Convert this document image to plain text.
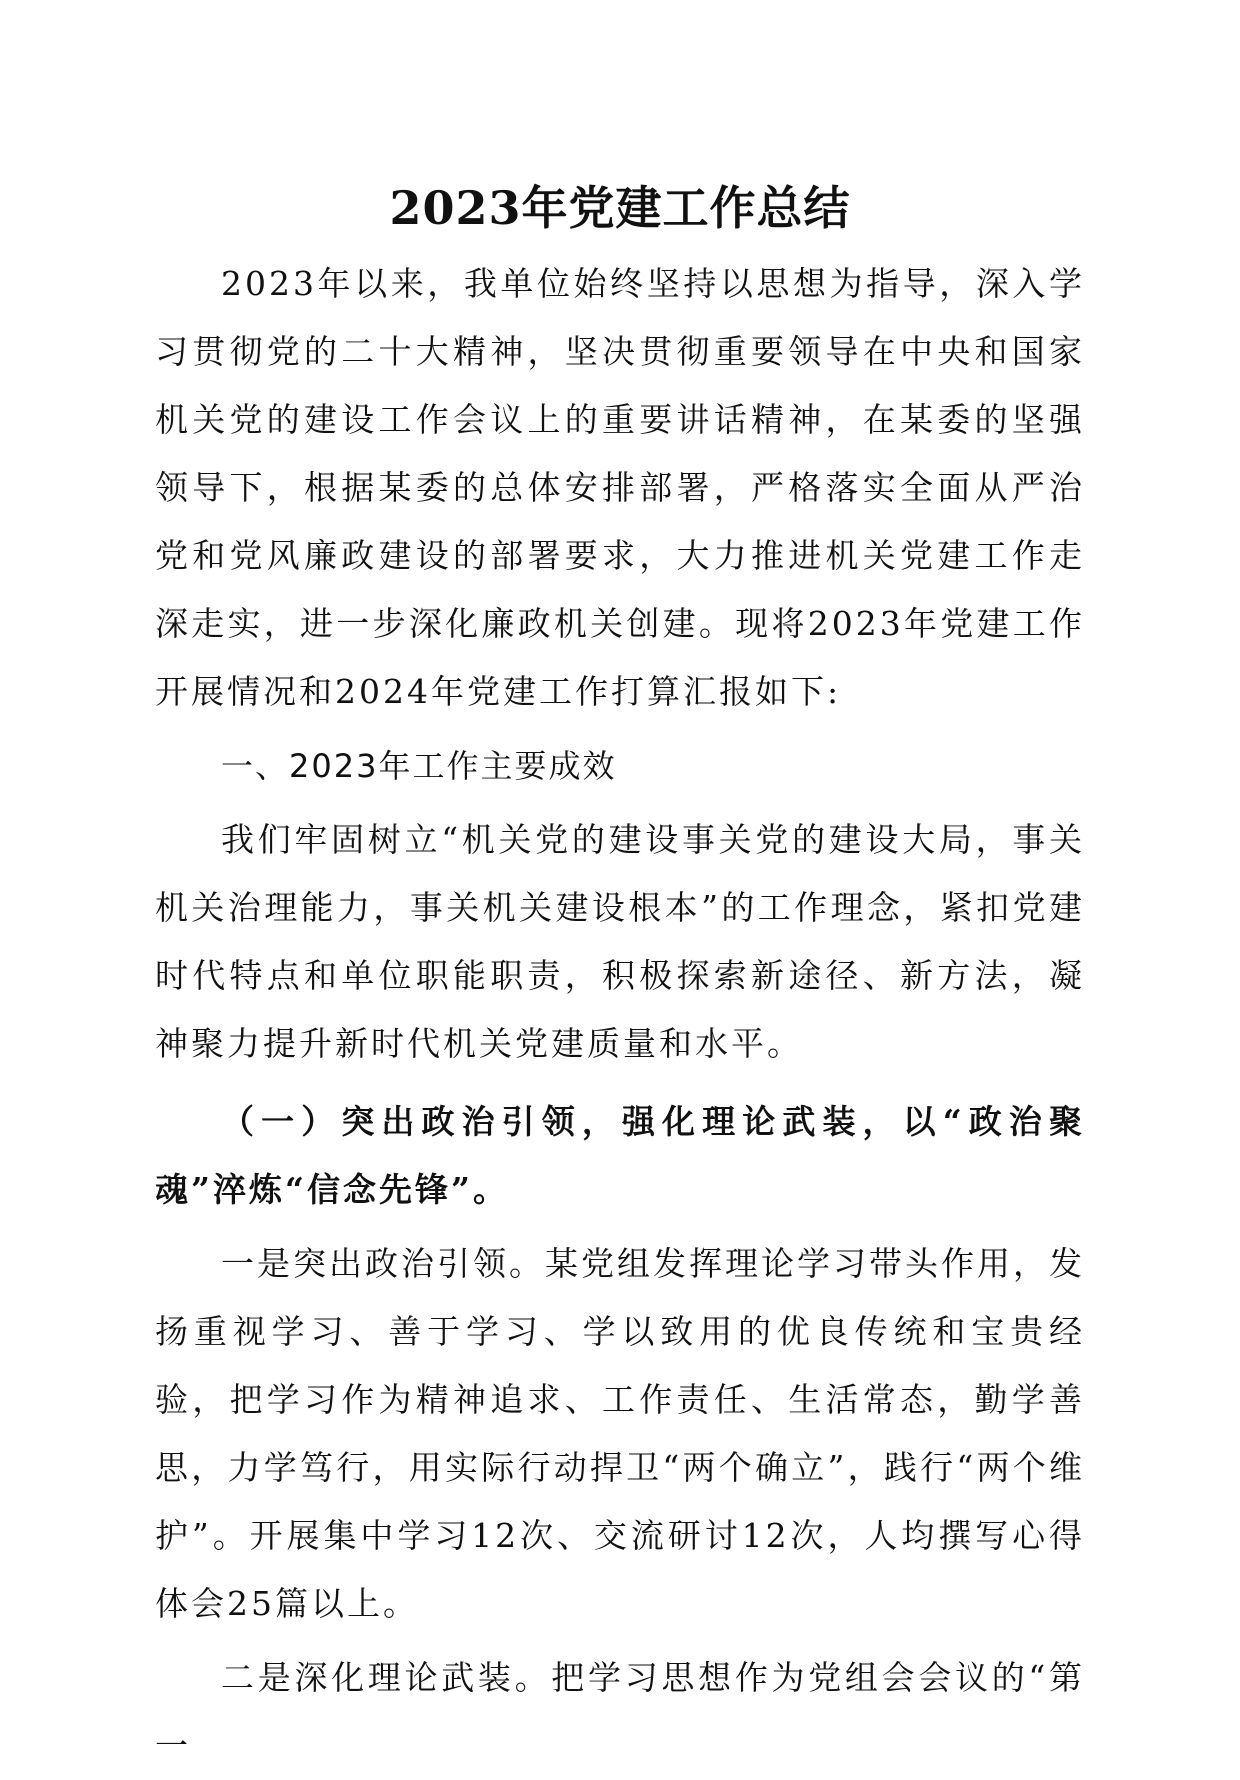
2023年党建工作总结

2023年以来，我单位始终坚持以思想为指导，深入学习贯彻党的二十大精神，坚决贯彻重要领导在中央和国家机关党的建设工作会议上的重要讲话精神，在某委的坚强领导下，根据某委的总体安排部署，严格落实全面从严治党和党风廉政建设的部署要求，大力推进机关党建工作走深走实，进一步深化廉政机关创建。现将2023年党建工作开展情况和2024年党建工作打算汇报如下:

一、2023年工作主要成效

我们牢固树立“机关党的建设事关党的建设大局，事关机关治理能力，事关机关建设根本”的工作理念，紧扣党建时代特点和单位职能职责，积极探索新途径、新方法，凝神聚力提升新时代机关党建质量和水平。

（一）突出政治引领，强化理论武装，以“政治聚魂”淬炼“信念先锋”。

一是突出政治引领。某党组发挥理论学习带头作用，发扬重视学习、善于学习、学以致用的优良传统和宝贵经验，把学习作为精神追求、工作责任、生活常态，勤学善思，力学笃行，用实际行动捍卫“两个确立”，践行“两个维护”。开展集中学习12次、交流研讨12次，人均撰写心得体会25篇以上。

二是深化理论武装。把学习思想作为党组会会议的“第一
